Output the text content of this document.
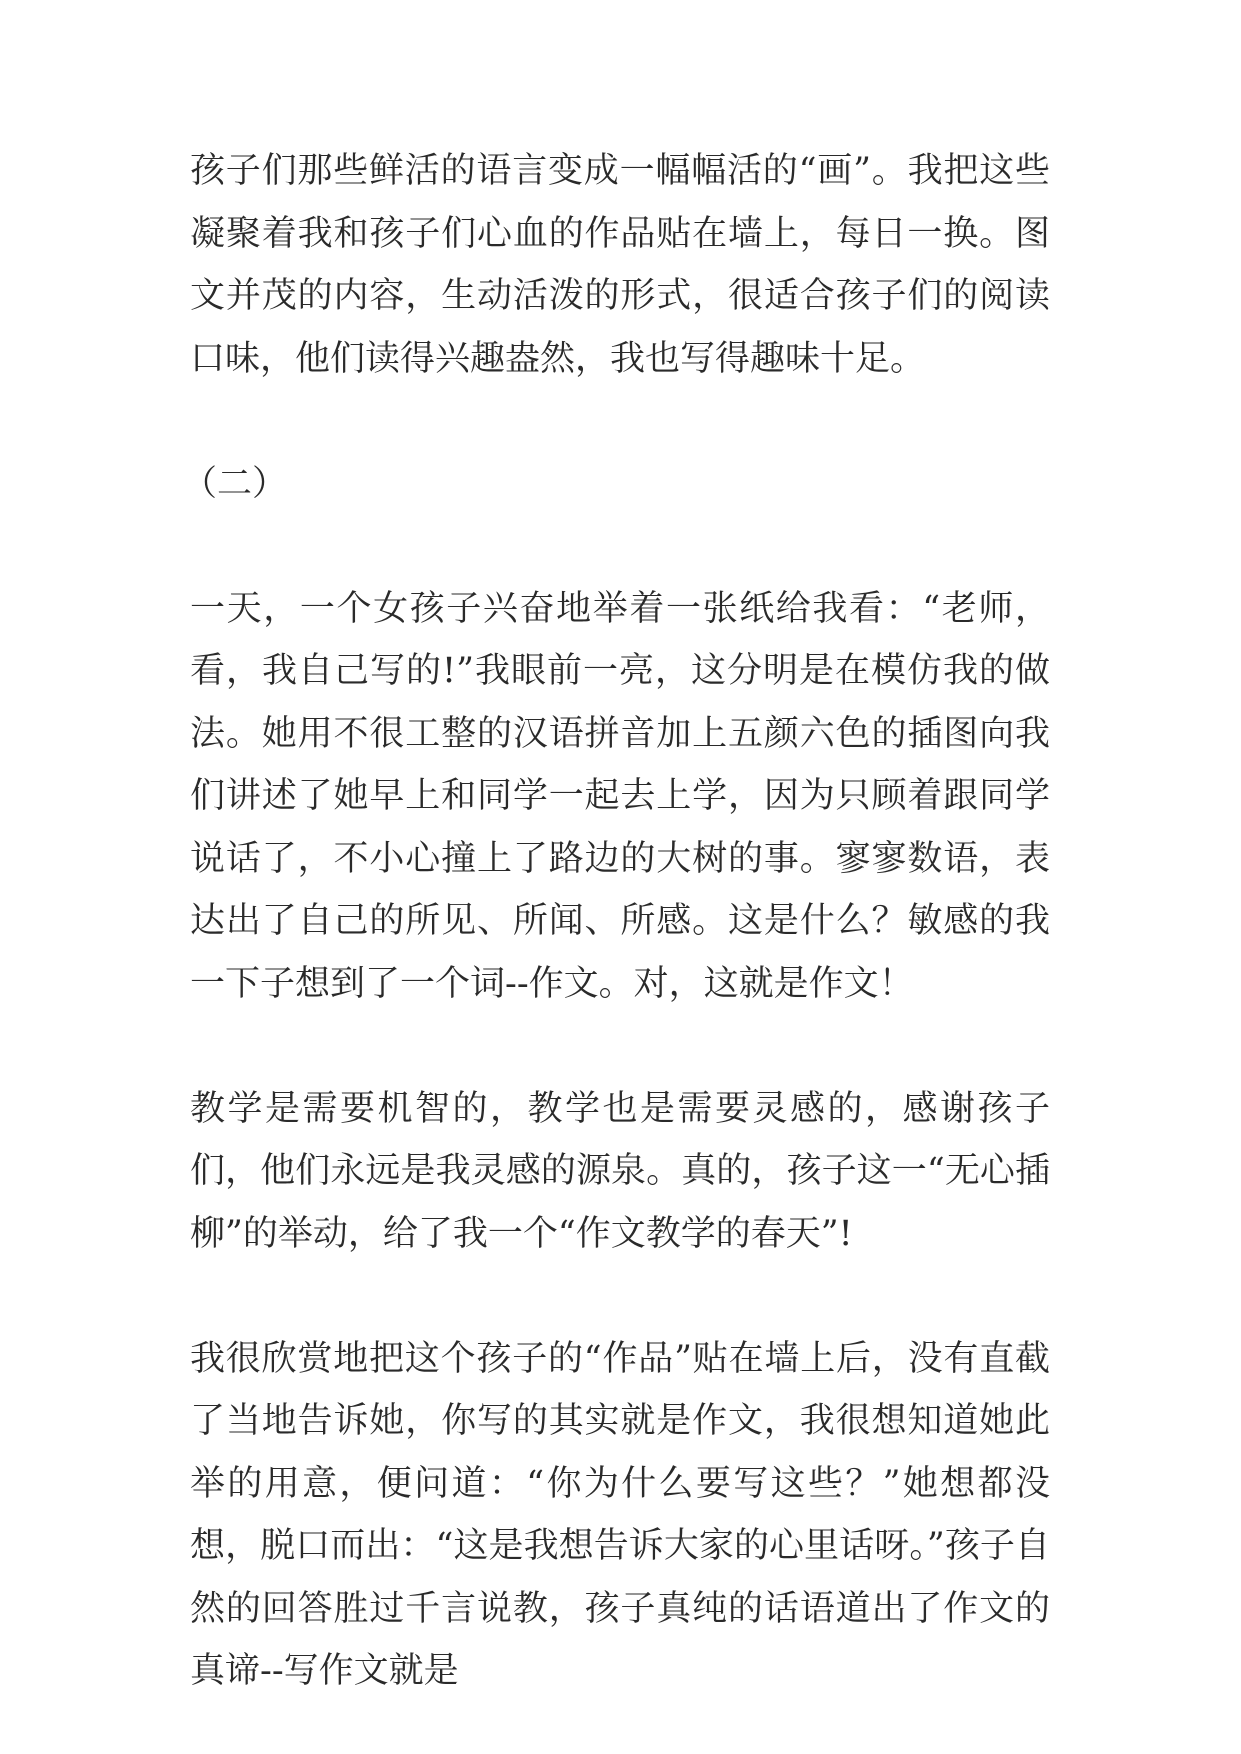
孩子们那些鲜活的语言变成一幅幅活的“画”。我把这些凝聚着我和孩子们心血的作品贴在墙上，每日一换。图文并茂的内容，生动活泼的形式，很适合孩子们的阅读口味，他们读得兴趣盎然，我也写得趣味十足。

（二）

一天，一个女孩子兴奋地举着一张纸给我看：“老师，看，我自己写的!”我眼前一亮，这分明是在模仿我的做法。她用不很工整的汉语拼音加上五颜六色的插图向我们讲述了她早上和同学一起去上学，因为只顾着跟同学说话了，不小心撞上了路边的大树的事。寥寥数语，表达出了自己的所见、所闻、所感。这是什么？敏感的我一下子想到了一个词--作文。对，这就是作文！

教学是需要机智的，教学也是需要灵感的，感谢孩子们，他们永远是我灵感的源泉。真的，孩子这一“无心插柳”的举动，给了我一个“作文教学的春天”!

我很欣赏地把这个孩子的“作品”贴在墙上后，没有直截了当地告诉她，你写的其实就是作文，我很想知道她此举的用意，便问道：“你为什么要写这些？”她想都没想，脱口而出：“这是我想告诉大家的心里话呀。”孩子自然的回答胜过千言说教，孩子真纯的话语道出了作文的真谛--写作文就是
